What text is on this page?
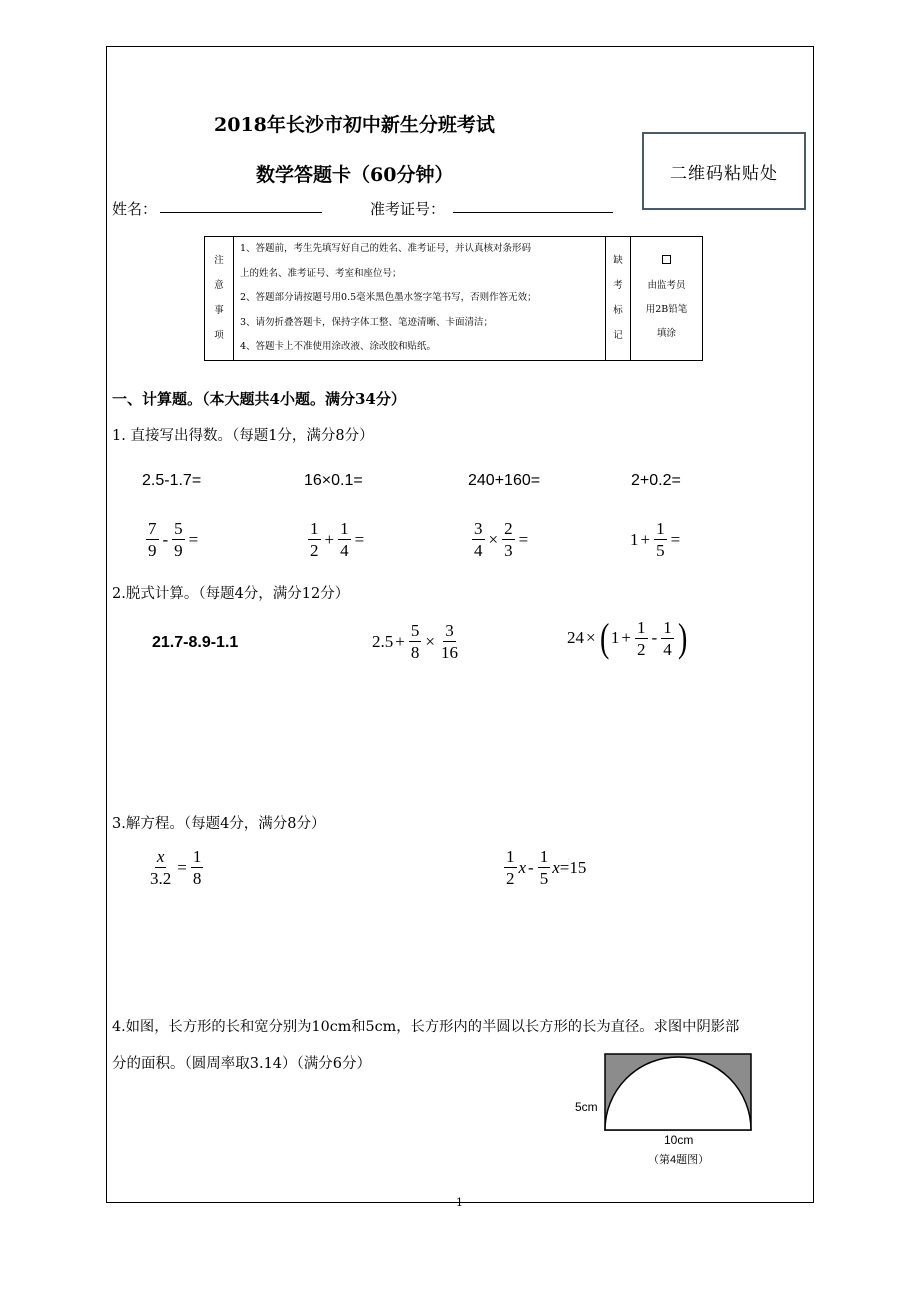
2018年长沙市初中新生分班考试
数学答题卡（60分钟）	二维码粘贴处
姓名：	准考证号：
注
意
事
项

1、答题前，考生先填写好自己的姓名、准考证号，并认真核对条形码
上的姓名、准考证号、考室和座位号；
2、答题部分请按题号用0.5毫米黑色墨水签字笔书写，否则作答无效；
3、请勿折叠答题卡，保持字体工整、笔迹清晰、卡面清洁；
4、答题卡上不准使用涂改液、涂改胶和贴纸。

缺
考
标
记

由监考员
用2B铅笔
填涂
一、计算题。（本大题共4小题。满分34分）
1. 直接写出得数。（每题1分，满分8分）
2.5-1.7=	16×0.1=	240+160=	2+0.2=
$\frac{7}{9} - \frac{5}{9}$ =	$\frac{1}{2} + \frac{1}{4}$ =	$\frac{3}{4} \times \frac{2}{3}$ =	$1 + \frac{1}{5}$ =
2.脱式计算。（每题4分，满分12分）
21.7-8.9-1.1	$2.5 + \frac{5}{8} \times \frac{3}{16}$	24 × ( $1 + \frac{1}{2} - \frac{1}{4}$ )
3.解方程。（每题4分，满分8分）
$\frac{x}{3.2} = \frac{1}{8}$	$\frac{1}{2}$ x - $\frac{1}{5}$ x =15
4.如图，长方形的长和宽分别为10cm和5cm，长方形内的半圆以长方形的长为直径。求图中阴影部
分的面积。（圆周率取3.14）（满分6分）
5cm
10cm
（第4题图）
1
